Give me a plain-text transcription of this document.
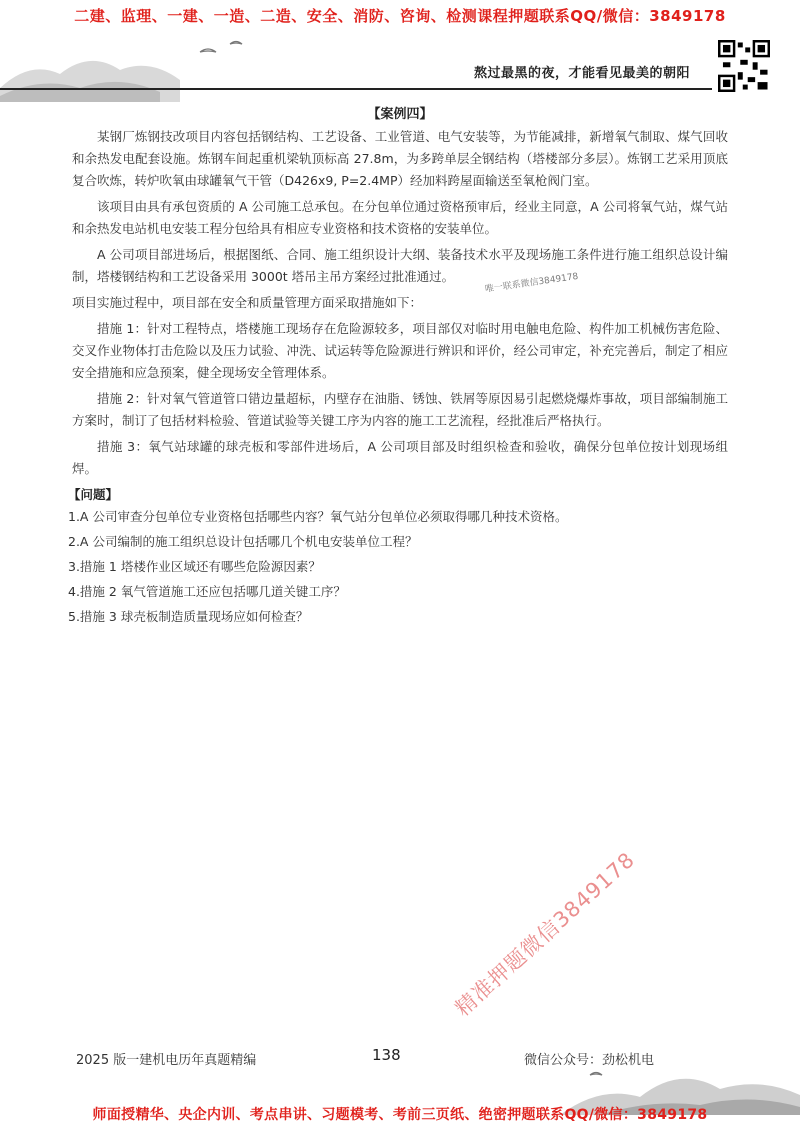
二建、监理、一建、一造、二造、安全、消防、咨询、检测课程押题联系QQ/微信：3849178
熬过最黑的夜，才能看见最美的朝阳
【案例四】

某钢厂炼钢技改项目内容包括钢结构、工艺设备、工业管道、电气安装等，为节能减排，新增氧气制取、煤气回收和余热发电配套设施。炼钢车间起重机梁轨顶标高 27.8m，为多跨单层全钢结构（塔楼部分多层）。炼钢工艺采用顶底复合吹炼，转炉吹氧由球罐氧气干管（D426x9, P=2.4MP）经加料跨屋面输送至氧枪阀门室。

该项目由具有承包资质的 A 公司施工总承包。在分包单位通过资格预审后，经业主同意，A 公司将氧气站，煤气站和余热发电站机电安装工程分包给具有相应专业资格和技术资格的安装单位。

A 公司项目部进场后，根据图纸、合同、施工组织设计大纲、装备技术水平及现场施工条件进行施工组织总设计编制，塔楼钢结构和工艺设备采用 3000t 塔吊主吊方案经过批准通过。

项目实施过程中，项目部在安全和质量管理方面采取措施如下：

措施 1：针对工程特点，塔楼施工现场存在危险源较多，项目部仅对临时用电触电危险、构件加工机械伤害危险、交叉作业物体打击危险以及压力试验、冲洗、试运转等危险源进行辨识和评价，经公司审定，补充完善后，制定了相应安全措施和应急预案，健全现场安全管理体系。

措施 2：针对氧气管道管口错边量超标，内壁存在油脂、锈蚀、铁屑等原因易引起燃烧爆炸事故，项目部编制施工方案时，制订了包括材料检验、管道试验等关键工序为内容的施工工艺流程，经批准后严格执行。

措施 3：氧气站球罐的球壳板和零部件进场后，A 公司项目部及时组织检查和验收，确保分包单位按计划现场组焊。

【问题】
1.A 公司审查分包单位专业资格包括哪些内容？氧气站分包单位必须取得哪几种技术资格。
2.A 公司编制的施工组织总设计包括哪几个机电安装单位工程？
3.措施 1 塔楼作业区域还有哪些危险源因素？
4.措施 2 氧气管道施工还应包括哪几道关键工序？
5.措施 3 球壳板制造质量现场应如何检查？
唯一联系微信3849178
精准押题微信3849178
2025 版一建机电历年真题精编	138	微信公众号：劲松机电
师面授精华、央企内训、考点串讲、习题模考、考前三页纸、绝密押题联系QQ/微信：3849178
